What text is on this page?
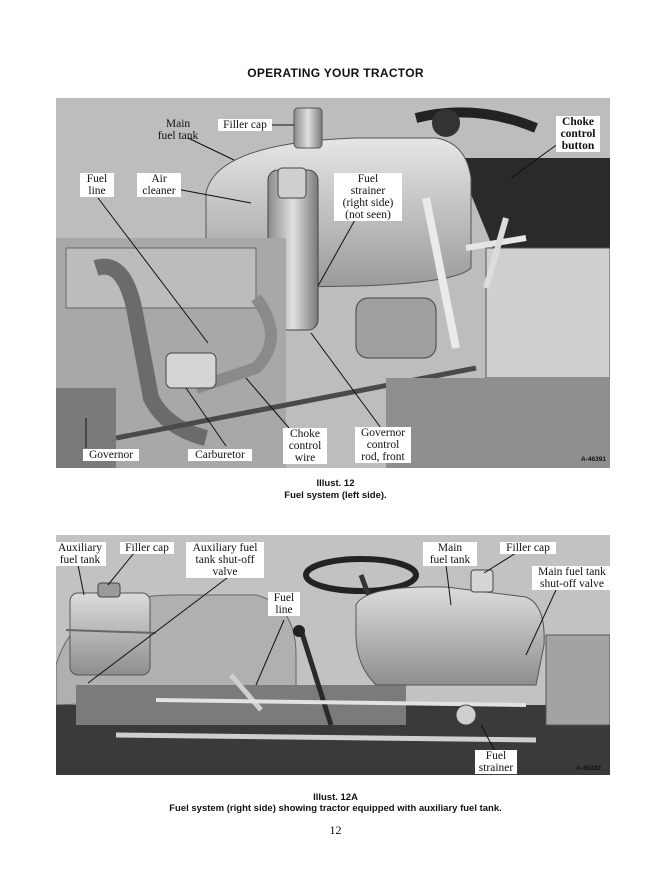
OPERATING YOUR TRACTOR
A-46391
Main
fuel tank
Filler cap
Fuel
line
Air
cleaner
Fuel
strainer
(right side)
(not seen)
Choke
control
button
Governor	Carburetor
Choke
control
wire
Governor
control
rod, front
Illust. 12
Fuel system (left side).
A-46392
Auxiliary
fuel tank
Filler cap	Auxiliary fuel
tank shut-off
valve
Fuel
line
Main
fuel tank
Filler cap
Main fuel tank
shut-off valve
Fuel
strainer
Illust. 12A
Fuel system (right side) showing tractor equipped with auxiliary fuel tank.
12
